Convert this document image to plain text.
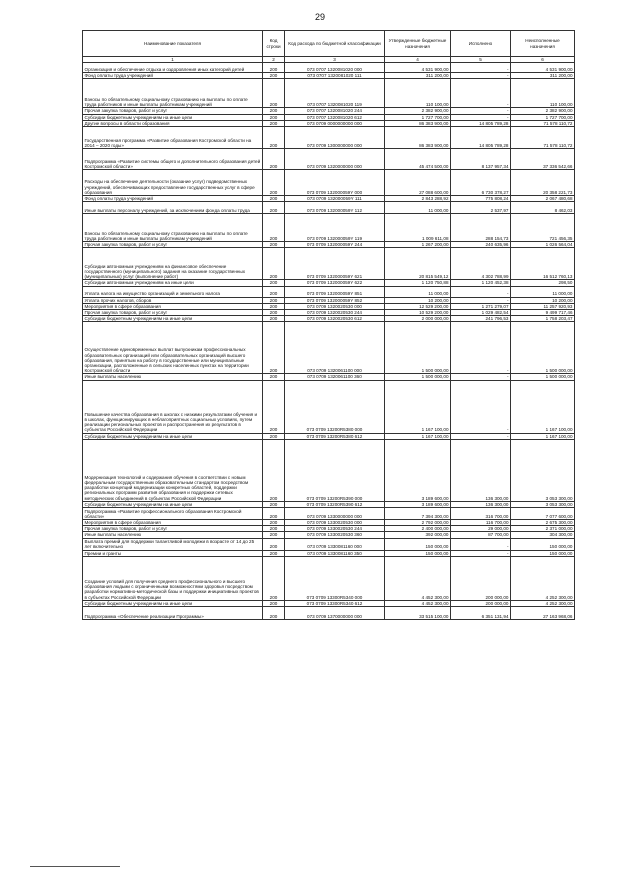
29
Наименование показателя	Код строки	Код расхода по бюджетной классификации	Утвержденные бюджетные назначения	Исполнено	Неисполненные назначения
1	2	3	4	5	6
Организация и обеспечение отдыха и оздоровления иных категорий детей	200	073 0707 1320081020 000	4 531 900,00	-	4 531 900,00
Фонд оплаты труда учреждений	200	073 0707 1320081020 111	311 200,00	-	311 200,00
Взносы по обязательному социальному страхованию на выплаты по оплате труда работников и иные выплаты работникам учреждений	200	073 0707 1320081020 119	110 100,00	-	110 100,00
Прочая закупка товаров, работ и услуг	200	073 0707 1320081020 244	2 382 900,00	-	2 382 900,00
Субсидии бюджетным учреждениям на иные цели	200	073 0707 1320081020 612	1 727 700,00	-	1 727 700,00
Другие вопросы в области образования	200	073 0709 0000000000 000	86 383 900,00	14 805 789,28	71 578 110,72
Государственная программа «Развитие образования Костромской области на 2014 – 2020 годы»	200	073 0709 1300000000 000	86 383 900,00	14 805 789,28	71 578 110,72
Подпрограмма «Развитие системы общего и дополнительного образования детей Костромской области»	200	073 0709 1320000000 000	45 474 500,00	8 137 957,34	37 336 542,66
Расходы на обеспечение деятельности (оказание услуг) подведомственных учреждений, обеспечивающих предоставление государственных услуг в сфере образования	200	073 0709 132000059Y 000	27 088 600,00	6 730 378,27	20 358 221,73
Фонд оплаты труда учреждений	200	073 0709 132000059Y 111	2 843 288,92	775 808,24	2 067 480,68
Иные выплаты персоналу учреждений, за исключением фонда оплаты труда	200	073 0709 132000059Y 112	11 000,00	2 537,97	8 462,03
Взносы по обязательному социальному страхованию на выплаты по оплате труда работников и иные выплаты работникам учреждений	200	073 0709 132000059Y 119	1 009 611,08	288 154,73	721 456,35
Прочая закупка товаров, работ и услуг	200	073 0709 132000059Y 244	1 267 200,00	240 635,96	1 026 564,04
Субсидии автономным учреждениям на финансовое обеспечение государственного (муниципального) задания на оказание государственных (муниципальных) услуг (выполнение работ)	200	073 0709 132000059Y 621	20 815 549,12	4 302 788,99	16 512 760,13
Субсидии автономным учреждениям на иные цели	200	073 0709 132000059Y 622	1 120 750,88	1 120 452,38	298,50
Уплата налога на имущество организаций и земельного налога	200	073 0709 132000059Y 851	11 000,00	-	11 000,00
Уплата прочих налогов, сборов	200	073 0709 132000059Y 852	10 200,00	-	10 200,00
Мероприятия в сфере образования	200	073 0709 1320020530 000	12 529 200,00	1 271 279,07	11 257 920,93
Прочая закупка товаров, работ и услуг	200	073 0709 1320020530 244	10 529 200,00	1 029 482,54	9 499 717,46
Субсидии бюджетным учреждениям на иные цели	200	073 0709 1320020530 612	2 000 000,00	241 796,53	1 758 203,47
Осуществление единовременных выплат выпускникам профессиональных образовательных организаций или образовательных организаций высшего образования, принятым на работу в государственные или муниципальные организации, расположенные в сельских населенных пунктах на территории Костромской области	200	073 0709 1320061100 000	1 500 000,00	-	1 500 000,00
Иные выплаты населению	200	073 0709 1320061100 360	1 500 000,00	-	1 500 000,00
Повышение качества образования в школах с низкими результатами обучения и в школах, функционирующих в неблагоприятных социальных условиях, путем реализации региональных проектов и распространения их результатов в субъектах Российской Федерации	200	073 0709 13200R5380 000	1 167 100,00	-	1 167 100,00
Субсидии бюджетным учреждениям на иные цели	200	073 0709 13200R5380 612	1 167 100,00	-	1 167 100,00
Модернизация технологий и содержания обучения в соответствии с новым федеральным государственным образовательным стандартом посредством разработки концепций модернизации конкретных областей, поддержки региональных программ развития образования и поддержки сетевых методических объединений в субъектах Российской Федерации	200	073 0709 13200R5390 000	3 189 600,00	136 300,00	3 053 300,00
Субсидии бюджетным учреждениям на иные цели	200	073 0709 13200R5390 612	3 189 600,00	136 300,00	3 053 300,00
Подпрограмма «Развитие профессионального образования Костромской области»	200	073 0709 1330000000 000	7 394 300,00	316 700,00	7 077 600,00
Мероприятия в сфере образования	200	073 0709 1330020530 000	2 792 000,00	116 700,00	2 675 300,00
Прочая закупка товаров, работ и услуг	200	073 0709 1330020530 244	2 400 000,00	29 000,00	2 371 000,00
Иные выплаты населению	200	073 0709 1330020530 360	392 000,00	87 700,00	304 300,00
Выплата премий для поддержки талантливой молодежи в возрасте от 14 до 25 лет включительно	200	073 0709 1330081160 000	150 000,00	-	150 000,00
Премии и гранты	200	073 0709 1330081160 350	150 000,00	-	150 000,00
Создание условий для получения среднего профессионального и высшего образования людьми с ограниченными возможностями здоровья посредством разработки нормативно-методической базы и поддержки инициативных проектов в субъектах Российской Федерации	200	073 0709 13300R5340 000	4 452 300,00	200 000,00	4 252 300,00
Субсидии бюджетным учреждениям на иные цели	200	073 0709 13300R5340 612	4 452 300,00	200 000,00	4 252 300,00
Подпрограмма «Обеспечение реализации Программы»	200	073 0709 1370000000 000	33 515 100,00	6 351 131,94	27 163 968,06
